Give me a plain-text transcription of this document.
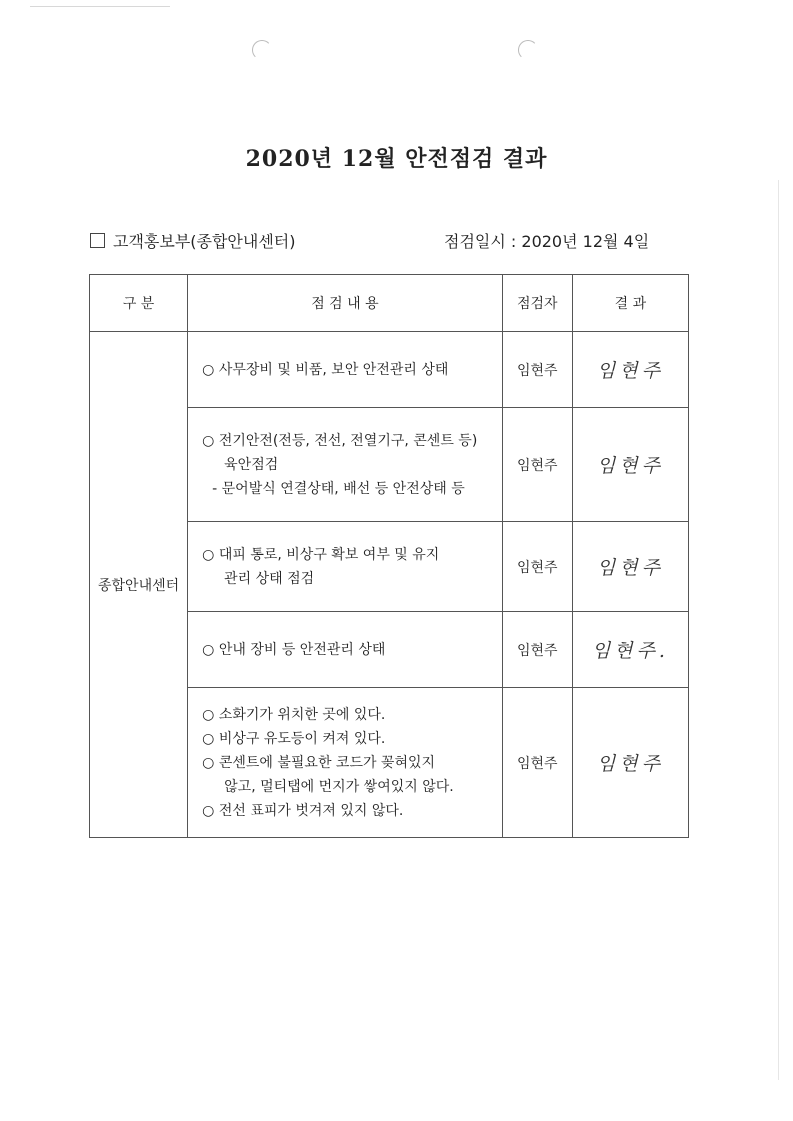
2020년 12월 안전점검 결과
고객홍보부(종합안내센터)	점검일시 : 2020년 12월 4일
구 분	점 검 내 용	점검자	결 과
종합안내센터	○ 사무장비 및 비품, 보안 안전관리 상태	임현주	임현주

	○ 전기안전(전등, 전선, 전열기구, 콘센트 등)
육안점검
- 문어발식 연결상태, 배선 등 안전상태 등	임현주	임현주

	○ 대피 통로, 비상구 확보 여부 및 유지
관리 상태 점검	임현주	임현주

	○ 안내 장비 등 안전관리 상태	임현주	임현주.

	○ 소화기가 위치한 곳에 있다.
○ 비상구 유도등이 켜져 있다.
○ 콘센트에 불필요한 코드가 꽂혀있지
않고, 멀티탭에 먼지가 쌓여있지 않다.
○ 전선 표피가 벗겨져 있지 않다.	임현주	임현주
